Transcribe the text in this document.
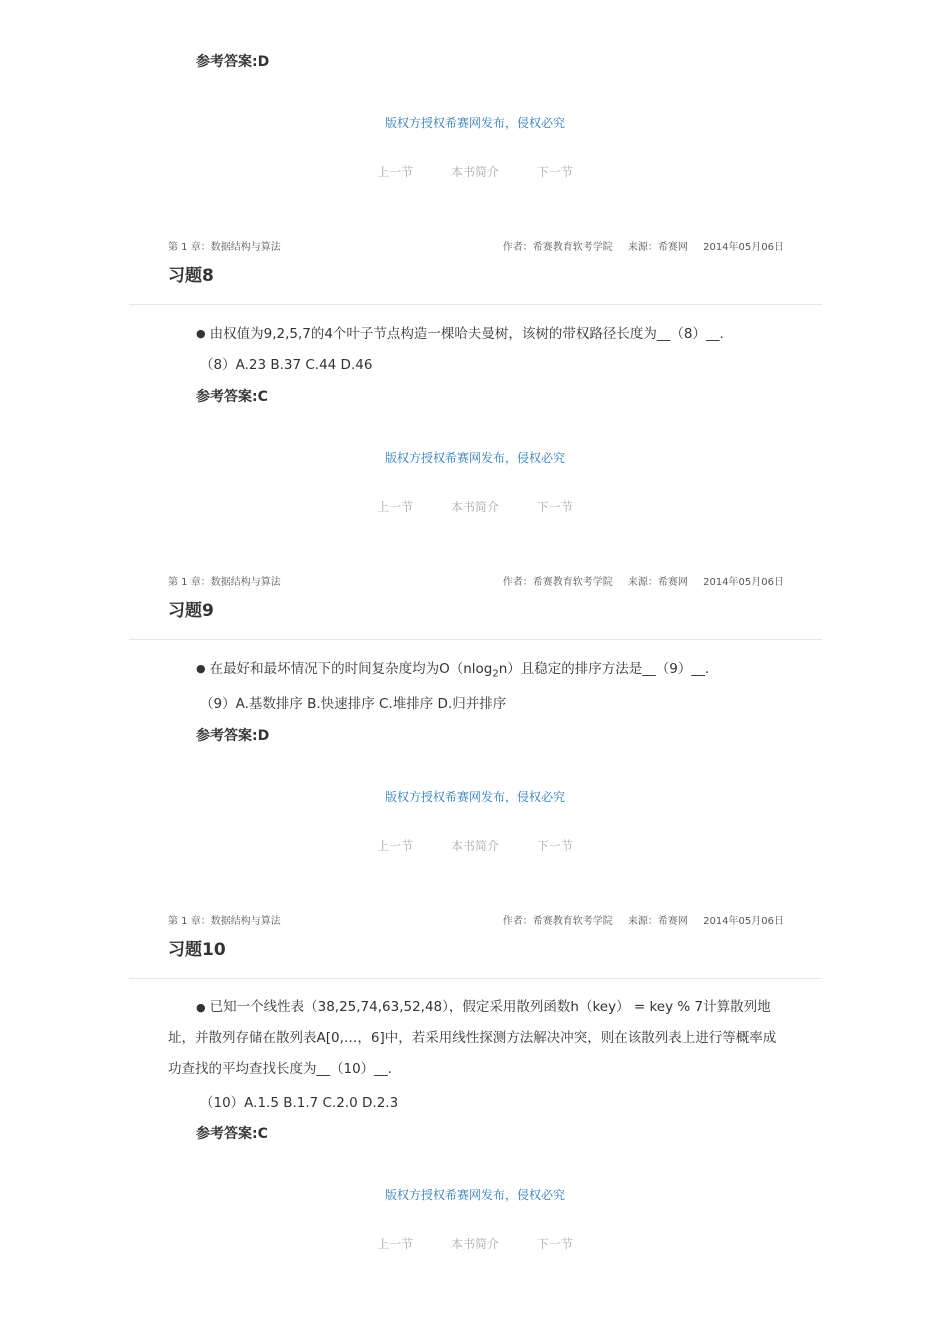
参考答案:D
版权方授权希赛网发布，侵权必究
上一节	本书简介	下一节
第 1 章：数据结构与算法	作者：希赛教育软考学院 来源：希赛网 2014年05月06日
习题8
● 由权值为9,2,5,7的4个叶子节点构造一棵哈夫曼树，该树的带权路径长度为__（8）__.
（8）A.23 B.37 C.44 D.46
参考答案:C
版权方授权希赛网发布，侵权必究
上一节	本书简介	下一节
第 1 章：数据结构与算法	作者：希赛教育软考学院 来源：希赛网 2014年05月06日
习题9
● 在最好和最坏情况下的时间复杂度均为O（nlog$_2$n）且稳定的排序方法是__（9）__.
（9）A.基数排序 B.快速排序 C.堆排序 D.归并排序
参考答案:D
版权方授权希赛网发布，侵权必究
上一节	本书简介	下一节
第 1 章：数据结构与算法	作者：希赛教育软考学院 来源：希赛网 2014年05月06日
习题10
● 已知一个线性表（38,25,74,63,52,48），假定采用散列函数h（key） = key % 7计算散列地址，并散列存储在散列表A[0,…，6]中，若采用线性探测方法解决冲突，则在该散列表上进行等概率成功查找的平均查找长度为__（10）__.
（10）A.1.5 B.1.7 C.2.0 D.2.3
参考答案:C
版权方授权希赛网发布，侵权必究
上一节	本书简介	下一节
